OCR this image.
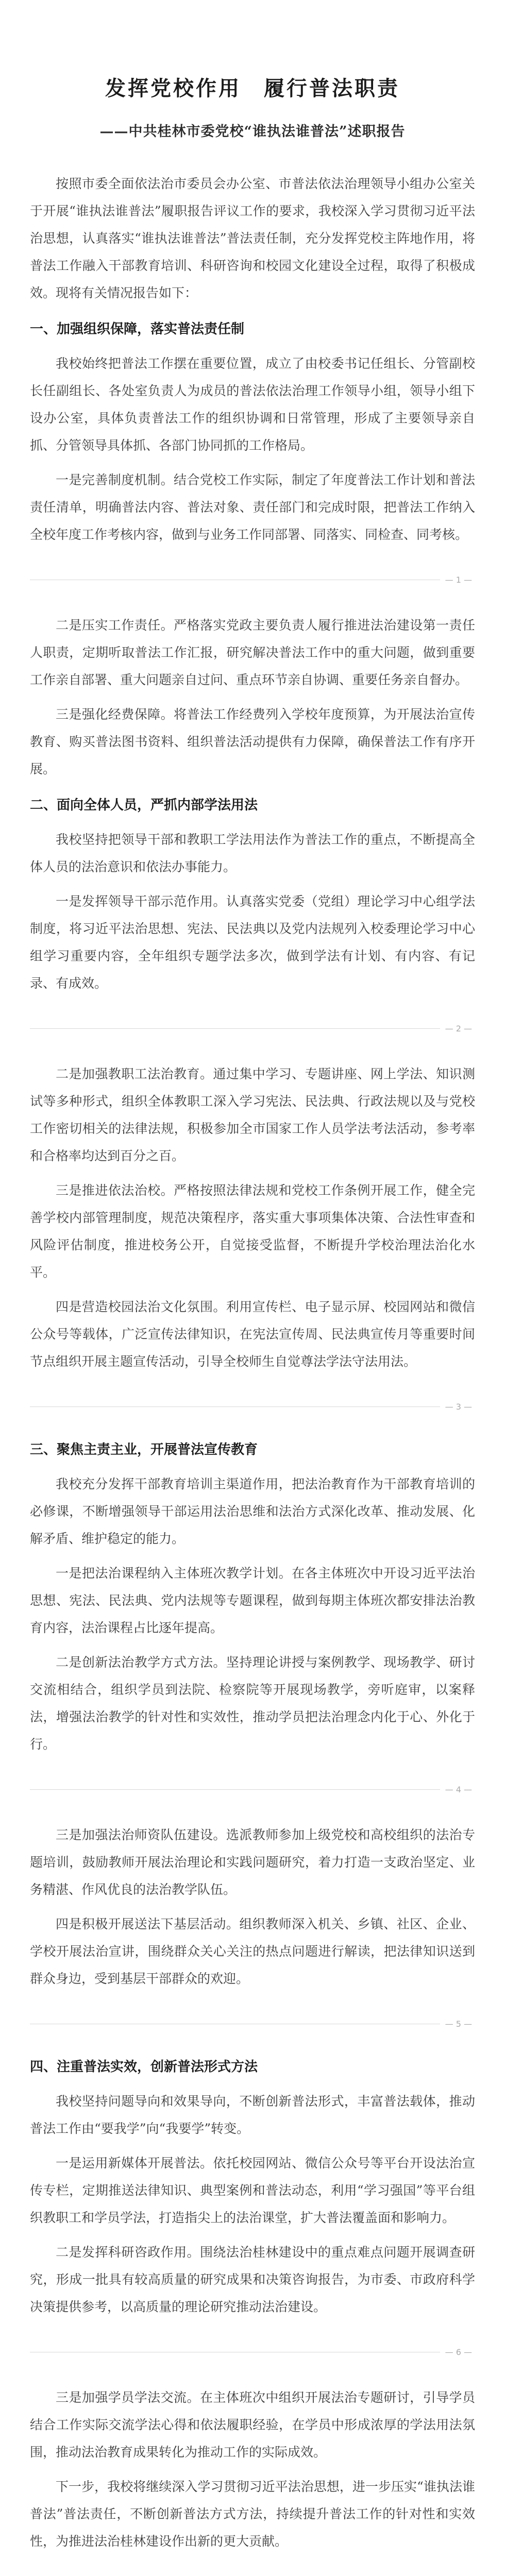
发挥党校作用　履行普法职责
——中共桂林市委党校“谁执法谁普法”述职报告

按照市委全面依法治市委员会办公室、市普法依法治理领导小组办公室关于开展“谁执法谁普法”履职报告评议工作的要求，我校深入学习贯彻习近平法治思想，认真落实“谁执法谁普法”普法责任制，充分发挥党校主阵地作用，将普法工作融入干部教育培训、科研咨询和校园文化建设全过程，取得了积极成效。现将有关情况报告如下：

一、加强组织保障，落实普法责任制

我校始终把普法工作摆在重要位置，成立了由校委书记任组长、分管副校长任副组长、各处室负责人为成员的普法依法治理工作领导小组，领导小组下设办公室，具体负责普法工作的组织协调和日常管理，形成了主要领导亲自抓、分管领导具体抓、各部门协同抓的工作格局。

一是完善制度机制。结合党校工作实际，制定了年度普法工作计划和普法责任清单，明确普法内容、普法对象、责任部门和完成时限，把普法工作纳入全校年度工作考核内容，做到与业务工作同部署、同落实、同检查、同考核。

— 1 —

二是压实工作责任。严格落实党政主要负责人履行推进法治建设第一责任人职责，定期听取普法工作汇报，研究解决普法工作中的重大问题，做到重要工作亲自部署、重大问题亲自过问、重点环节亲自协调、重要任务亲自督办。

三是强化经费保障。将普法工作经费列入学校年度预算，为开展法治宣传教育、购买普法图书资料、组织普法活动提供有力保障，确保普法工作有序开展。

二、面向全体人员，严抓内部学法用法

我校坚持把领导干部和教职工学法用法作为普法工作的重点，不断提高全体人员的法治意识和依法办事能力。

一是发挥领导干部示范作用。认真落实党委（党组）理论学习中心组学法制度，将习近平法治思想、宪法、民法典以及党内法规列入校委理论学习中心组学习重要内容，全年组织专题学法多次，做到学法有计划、有内容、有记录、有成效。

— 2 —

二是加强教职工法治教育。通过集中学习、专题讲座、网上学法、知识测试等多种形式，组织全体教职工深入学习宪法、民法典、行政法规以及与党校工作密切相关的法律法规，积极参加全市国家工作人员学法考法活动，参考率和合格率均达到百分之百。

三是推进依法治校。严格按照法律法规和党校工作条例开展工作，健全完善学校内部管理制度，规范决策程序，落实重大事项集体决策、合法性审查和风险评估制度，推进校务公开，自觉接受监督，不断提升学校治理法治化水平。

四是营造校园法治文化氛围。利用宣传栏、电子显示屏、校园网站和微信公众号等载体，广泛宣传法律知识，在宪法宣传周、民法典宣传月等重要时间节点组织开展主题宣传活动，引导全校师生自觉尊法学法守法用法。

— 3 —
三、聚焦主责主业，开展普法宣传教育

我校充分发挥干部教育培训主渠道作用，把法治教育作为干部教育培训的必修课，不断增强领导干部运用法治思维和法治方式深化改革、推动发展、化解矛盾、维护稳定的能力。

一是把法治课程纳入主体班次教学计划。在各主体班次中开设习近平法治思想、宪法、民法典、党内法规等专题课程，做到每期主体班次都安排法治教育内容，法治课程占比逐年提高。

二是创新法治教学方式方法。坚持理论讲授与案例教学、现场教学、研讨交流相结合，组织学员到法院、检察院等开展现场教学，旁听庭审，以案释法，增强法治教学的针对性和实效性，推动学员把法治理念内化于心、外化于行。

— 4 —

三是加强法治师资队伍建设。选派教师参加上级党校和高校组织的法治专题培训，鼓励教师开展法治理论和实践问题研究，着力打造一支政治坚定、业务精湛、作风优良的法治教学队伍。

四是积极开展送法下基层活动。组织教师深入机关、乡镇、社区、企业、学校开展法治宣讲，围绕群众关心关注的热点问题进行解读，把法律知识送到群众身边，受到基层干部群众的欢迎。

— 5 —
四、注重普法实效，创新普法形式方法

我校坚持问题导向和效果导向，不断创新普法形式，丰富普法载体，推动普法工作由“要我学”向“我要学”转变。

一是运用新媒体开展普法。依托校园网站、微信公众号等平台开设法治宣传专栏，定期推送法律知识、典型案例和普法动态，利用“学习强国”等平台组织教职工和学员学法，打造指尖上的法治课堂，扩大普法覆盖面和影响力。

二是发挥科研咨政作用。围绕法治桂林建设中的重点难点问题开展调查研究，形成一批具有较高质量的研究成果和决策咨询报告，为市委、市政府科学决策提供参考，以高质量的理论研究推动法治建设。

— 6 —

三是加强学员学法交流。在主体班次中组织开展法治专题研讨，引导学员结合工作实际交流学法心得和依法履职经验，在学员中形成浓厚的学法用法氛围，推动法治教育成果转化为推动工作的实际成效。

下一步，我校将继续深入学习贯彻习近平法治思想，进一步压实“谁执法谁普法”普法责任，不断创新普法方式方法，持续提升普法工作的针对性和实效性，为推进法治桂林建设作出新的更大贡献。
